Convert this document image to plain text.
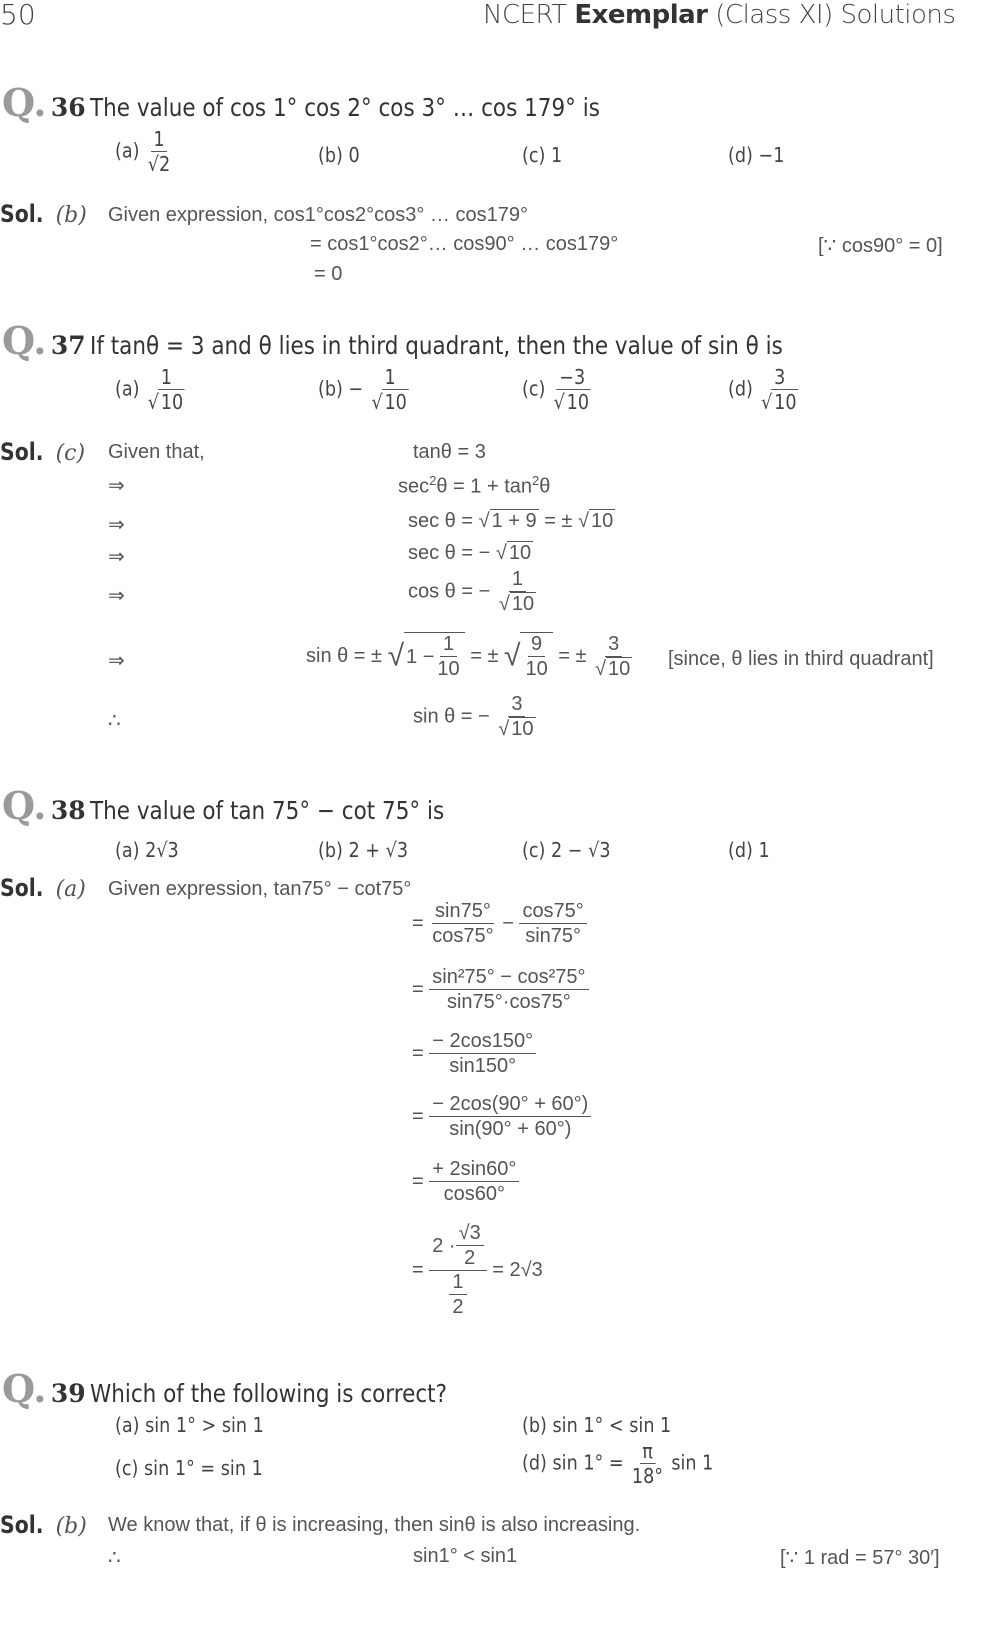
50	NCERT Exemplar (Class XI) Solutions
Q. 36 The value of cos 1° cos 2° cos 3° … cos 179° is
$(a) \frac{1}{√2}$	(b) 0	(c) 1	(d) −1
Sol. (b) Given expression, cos1°cos2°cos3° … cos179°
= cos1°cos2°… cos90° … cos179°
= 0
[∵ cos90° = 0]
Q. 37 If tanθ = 3 and θ lies in third quadrant, then the value of sin θ is
$(a) \frac{1}{√10}$	$(b) - \frac{1}{√10}$	$(c) \frac{-3}{√10}$	$(d) \frac{3}{√10}$
Sol. (c) Given that,	tanθ = 3
⇒	$\sec^2\theta = 1 + \tan^2\theta$
⇒	sec θ = √ 1 + 9 = ± √ 10
⇒	sec θ = − √ 10
⇒	cos θ = − $\frac{1}{√ 10}$
⇒	sin θ = ± √ $1 - \frac{1}{10}$ = ± √ $\frac{9}{10}$ = ± $\frac{3}{√ 10}$ [since, θ lies in third quadrant]
∴	sin θ = − $\frac{3}{√ 10}$
Q. 38 The value of tan 75° − cot 75° is
(a) 2√3	(b) 2 + √3	(c) 2 − √3	(d) 1
Sol. (a) Given expression, tan75° − cot75°
= $\frac{\sin 75^\circ}{\cos 75^\circ} - \frac{\cos 75^\circ}{\sin 75^\circ}$
= $\frac{\text{sin²75° − cos²75°}}{\sin 75^\circ\cdot\cos 75^\circ}$
= $\frac{- 2\cos 150^\circ}{\sin 150^\circ}$
= $\frac{- 2\cos(90^\circ + 60^\circ)}{\sin(90^\circ + 60^\circ)}$
= $\frac{+ 2\sin 60^\circ}{\cos 60^\circ}$
= $\frac{2 \cdot \frac{√3}{2}}{\frac{1}{2}} = 2√3$
Q. 39 Which of the following is correct?
(a) sin 1° > sin 1	(b) sin 1° < sin 1
(c) sin 1° = sin 1	(d) $\sin 1^\circ = \frac{\pi}{18^\circ}$ sin 1
Sol. (b) We know that, if θ is increasing, then sinθ is also increasing.
∴	sin1° < sin1	[∵ 1 rad = 57° 30′]
